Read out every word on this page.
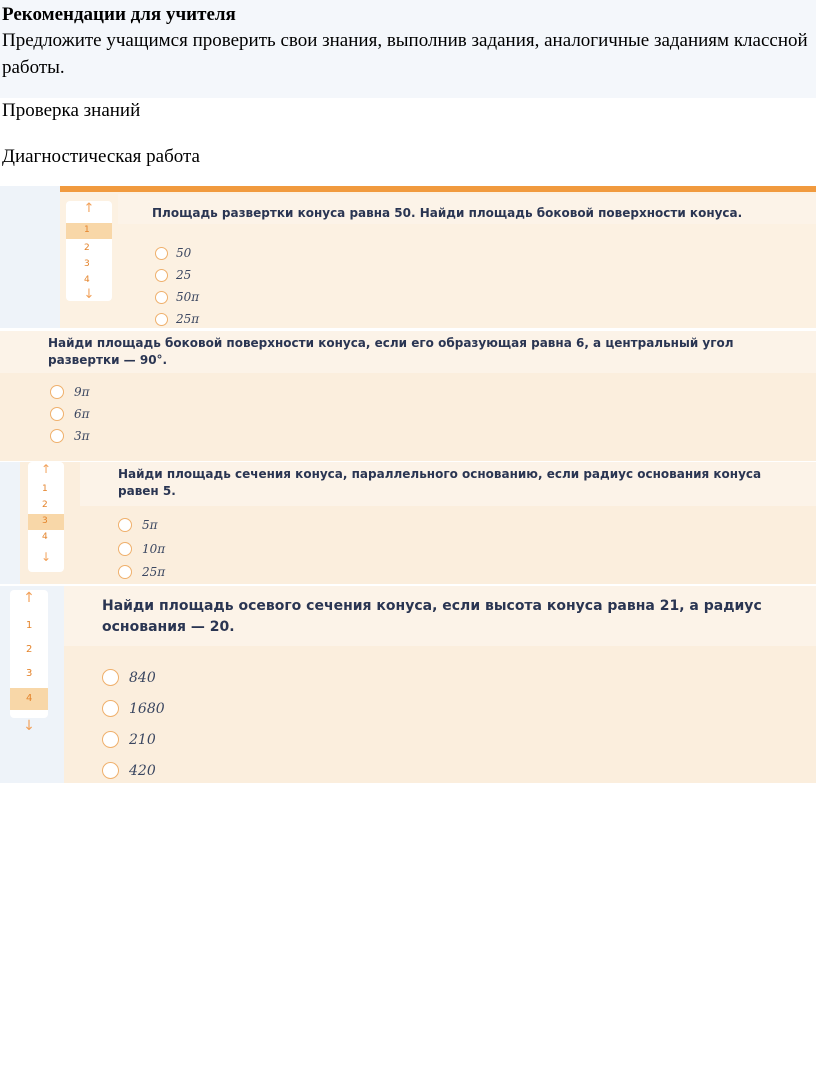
Рекомендации для учителя
Предложите учащимся проверить свои знания, выполнив задания, аналогичные заданиям классной работы.
Проверка знаний
Диагностическая работа
↑
1
2
3
4
↓
Площадь развертки конуса равна 50. Найди площадь боковой поверхности конуса.
50
25
50π
25π
Найди площадь боковой поверхности конуса, если его образующая равна 6, а центральный угол развертки — 90°.
9π
6π
3π
↑
1
2
3
4
↓
Найди площадь сечения конуса, параллельного основанию, если радиус основания конуса равен 5.
5π
10π
25π
↑
1
2
3
4
↓
Найди площадь осевого сечения конуса, если высота конуса равна 21, а радиус основания — 20.
840
1680
210
420
